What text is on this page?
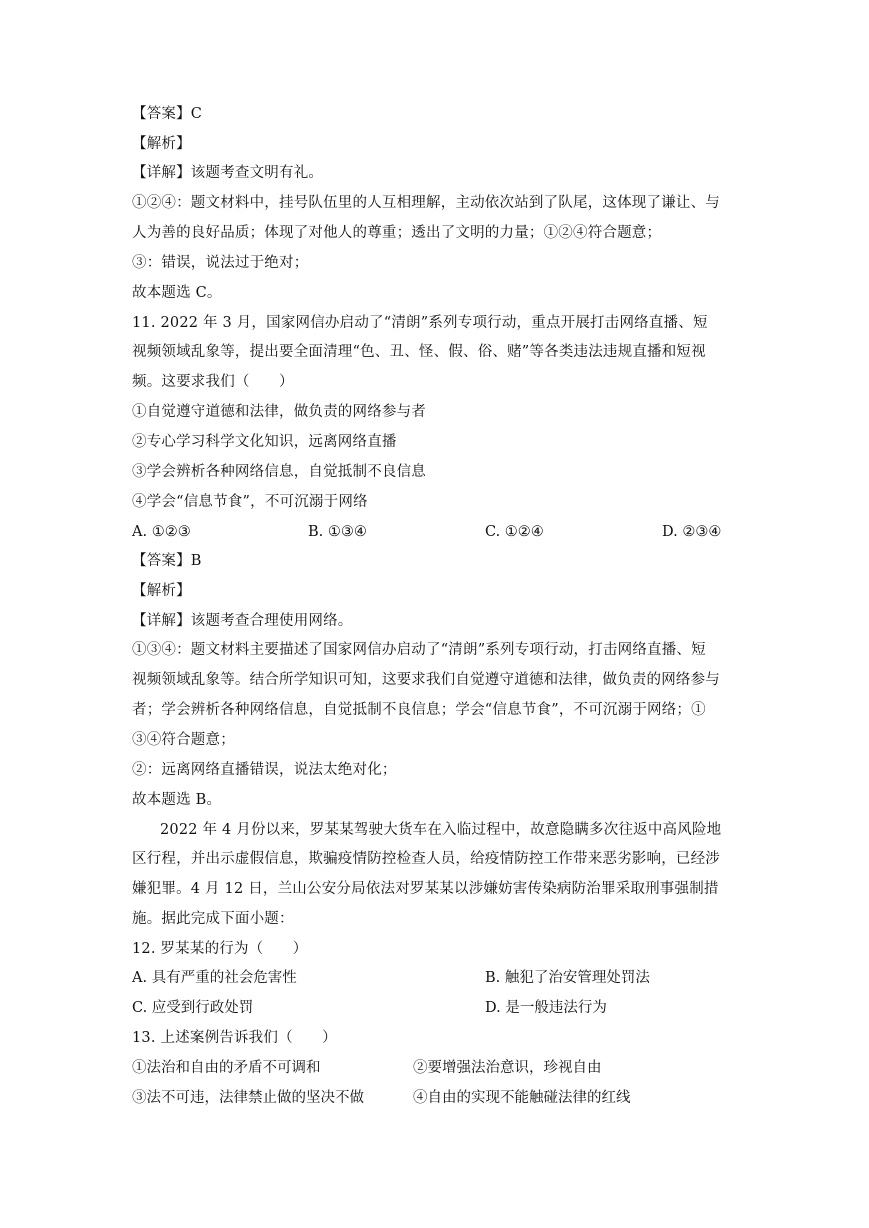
【答案】C
【解析】
【详解】该题考查文明有礼。
①②④：题文材料中，挂号队伍里的人互相理解，主动依次站到了队尾，这体现了谦让、与
人为善的良好品质；体现了对他人的尊重；透出了文明的力量；①②④符合题意；
③：错误，说法过于绝对；
故本题选 C。
11. 2022 年 3 月，国家网信办启动了“清朗”系列专项行动，重点开展打击网络直播、短
视频领域乱象等，提出要全面清理“色、丑、怪、假、俗、赌”等各类违法违规直播和短视
频。这要求我们（　　）
①自觉遵守道德和法律，做负责的网络参与者
②专心学习科学文化知识，远离网络直播
③学会辨析各种网络信息，自觉抵制不良信息
④学会“信息节食”，不可沉溺于网络
A. ①②③	B. ①③④	C. ①②④	D. ②③④
【答案】B
【解析】
【详解】该题考查合理使用网络。
①③④：题文材料主要描述了国家网信办启动了“清朗”系列专项行动，打击网络直播、短
视频领域乱象等。结合所学知识可知，这要求我们自觉遵守道德和法律，做负责的网络参与
者；学会辨析各种网络信息，自觉抵制不良信息；学会“信息节食”，不可沉溺于网络；①
③④符合题意；
②：远离网络直播错误，说法太绝对化；
故本题选 B。
2022 年 4 月份以来，罗某某驾驶大货车在入临过程中，故意隐瞒多次往返中高风险地
区行程，并出示虚假信息，欺骗疫情防控检查人员，给疫情防控工作带来恶劣影响，已经涉
嫌犯罪。4 月 12 日，兰山公安分局依法对罗某某以涉嫌妨害传染病防治罪采取刑事强制措
施。据此完成下面小题：
12. 罗某某的行为（　　）
A. 具有严重的社会危害性	B. 触犯了治安管理处罚法
C. 应受到行政处罚	D. 是一般违法行为
13. 上述案例告诉我们（　　）
①法治和自由的矛盾不可调和	②要增强法治意识，珍视自由
③法不可违，法律禁止做的坚决不做	④自由的实现不能触碰法律的红线
